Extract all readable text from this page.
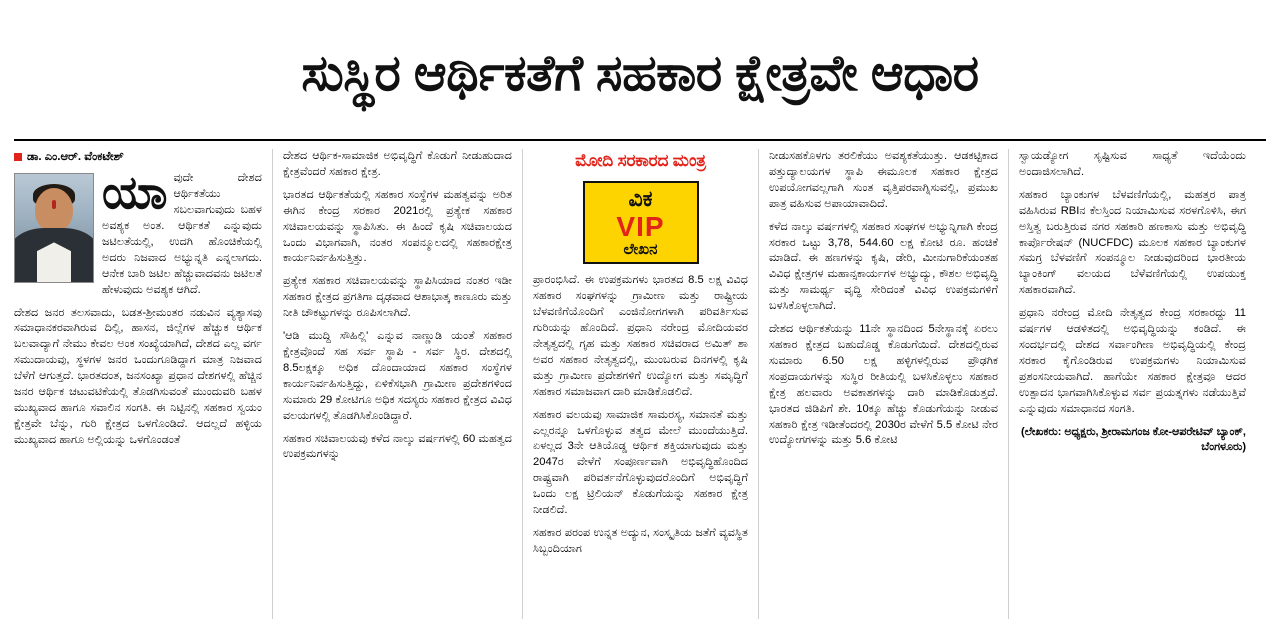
ಸುಸ್ಥಿರ ಆರ್ಥಿಕತೆಗೆ ಸಹಕಾರ ಕ್ಷೇತ್ರವೇ ಆಧಾರ
ಡಾ. ಎಂ.ಆರ್. ವೆಂಕಟೇಶ್

ಯಾವುದೇ ದೇಶದ ಆರ್ಥಿಕತೆಯು ಸಬಲವಾಗುವುದು ಬಹಳ ಅವಶ್ಯಕ ಅಂತ. ಆರ್ಥಿಕತೆ ಎನ್ನುವುದು ಜಟಿಲತೆಯಲ್ಲಿ, ಉದಗಿ ಹೊಂಚಿಕೆಯಲ್ಲಿ ಅದರು ನಿಜವಾದ ಅಭ್ಯುನ್ನತಿ ಎನ್ನಲಾಗದು. ಆನೇಕ ಬಾರಿ ಜಟಿಲ ಹೆಚ್ಚುವಾದವನು ಜಟಿಲತೆ ಹೇಳುವುದು ಅವಶ್ಯಕ ಆಗಿದೆ.

ದೇಶದ ಜನರ ತಲಸವಾದು, ಬಡತ-ಶ್ರೀಮಂತರ ನಡುವಿನ ವ್ಯತ್ಯಾಸವು ಸಮಾಧಾನಕರವಾಗಿರುವ ದಿಲ್ಲಿ, ಹಾಸನ, ಜಿಲ್ಲೆಗಳ ಹೆಚ್ಚುಕ ಆರ್ಥಿಕ ಬಲವಾದ್ಯಾಗೆ ನೇಮು ಕೇವಲ ಅಂಕ ಸಂಖ್ಯೆಯಾಗಿದೆ, ದೇಶದ ಎಲ್ಲ ವರ್ಗ ಸಮುದಾಯವು, ಸ್ಥಳಗಳ ಜನರ ಒಂದುಗೂಡಿದ್ದಾಗ ಮಾತ್ರ ನಿಜವಾದ ಬೆಳೆಗೆ ಆಗುತ್ತದೆ. ಭಾರತದಂತ, ಜನಸಂಖ್ಯಾ ಪ್ರಧಾನ ದೇಶಗಳಲ್ಲಿ ಹೆಚ್ಚಿನ ಜನರ ಆರ್ಥಿಕ ಚಟುವಟಿಕೆಯಲ್ಲಿ ತೊಡಗಿಸುವಂತೆ ಮುಂದುವರಿ ಬಹಳ ಮುಖ್ಯವಾದ ಹಾಗೂ ಸವಾಲಿನ ಸಂಗತಿ. ಈ ನಿಟ್ಟಿನಲ್ಲಿ ಸಹಕಾರ ಸ್ವಯಂ ಕ್ಷೇತ್ರವೇ ಬೆನ್ನು, ಗುರಿ ಕ್ಷೇತ್ರದ ಒಳಗೊಂಡಿದೆ. ಆದಲ್ಲದೆ ಹಳ್ಳಿಯ ಮುಖ್ಯವಾದ ಹಾಗೂ ಅಲ್ಲಿಯನ್ನು ಒಳಗೊಂಡಂತೆ

ದೇಶದ ಆರ್ಥಿಕ-ಸಾಮಾಜಿಕ ಅಭಿವೃದ್ಧಿಗೆ ಕೊಡುಗೆ ನೀಡುಹುದಾದ ಕ್ಷೇತ್ರವೆಂದರೆ ಸಹಕಾರ ಕ್ಷೇತ್ರ.

ಭಾರತದ ಆರ್ಥಿಕತೆಯಲ್ಲಿ ಸಹಕಾರ ಸಂಸ್ಥೆಗಳ ಮಹತ್ವವನ್ನು ಅರಿತ ಈಗಿನ ಕೇಂದ್ರ ಸರಕಾರ 2021ರಲ್ಲಿ ಪ್ರತ್ಯೇಕ ಸಹಕಾರ ಸಚಿವಾಲಯವನ್ನು ಸ್ಥಾಪಿಸಿತು. ಈ ಹಿಂದೆ ಕೃಷಿ ಸಚಿವಾಲಯದ ಒಂದು ವಿಭಾಗವಾಗಿ, ನಂತರ ಸಂಪನ್ಮೂಲದಲ್ಲಿ ಸಹಕಾರಕ್ಷೇತ್ರ ಕಾರ್ಯನಿರ್ವಹಿಸುತ್ತಿತ್ತು.

ಪ್ರತ್ಯೇಕ ಸಹಕಾರ ಸಚಿವಾಲಯವನ್ನು ಸ್ಥಾಪಿಸಿಯಾದ ನಂತರ ಇಡೀ ಸಹಕಾರ ಕ್ಷೇತ್ರದ ಪ್ರಗತಿಗಾ ದೃಢವಾದ ಆಶಾಭಾತ್ಕ ಕಾಣೂರು ಮತ್ತು ನೀತಿ ಚೌಕಟ್ಟುಗಳನ್ನು ರೂಪಿಸಲಾಗಿದೆ.

'ಆಡಿ ಮುದ್ದಿ ಸೌಹಿಲ್ಲಿ' ಎನ್ನುವ ನಾಣ್ಣುಡಿ ಯಂತೆ ಸಹಕಾರ ಕ್ಷೇತ್ರವೊಂದೆ ಸಹ ಸರ್ವ ಸ್ಥಾಪಿ - ಸರ್ವ ಸ್ಥಿರ. ದೇಶದಲ್ಲಿ 8.5ಲಕ್ಷಕ್ಕೂ ಅಧಿಕ ದೊಂದಾಯಾದ ಸಹಕಾರ ಸಂಸ್ಥೆಗಳ ಕಾರ್ಯನಿರ್ವಹಿಸುತ್ತಿದ್ದು, ಏಳಿಕೆಸಭಾಗಿ ಗ್ರಾಮೀಣ ಪ್ರದೇಶಗಳಿಂದ ಸುಮಾರು 29 ಕೋಟಿಗೂ ಅಧಿಕ ಸದಸ್ಯರು ಸಹಕಾರ ಕ್ಷೇತ್ರದ ವಿವಿಧ ವಲಯಗಳಲ್ಲಿ ತೊಡಗಿಸಿಕೊಂಡಿದ್ದಾರೆ.

ಸಹಕಾರ ಸಚಿವಾಲಯವು ಕಳೆದ ನಾಲ್ಕು ವರ್ಷಗಳಲ್ಲಿ 60 ಮಹತ್ವದ ಉಪಕ್ರಮಗಳನ್ನು

ಮೋದಿ ಸರಕಾರದ ಮಂತ್ರ
ವಿಕ
VIP
ಲೇಖನ

ಪ್ರಾರಂಭಿಸಿದೆ. ಈ ಉಪಕ್ರಮಗಳು ಭಾರತದ 8.5 ಲಕ್ಷ ವಿವಿಧ ಸಹಕಾರ ಸಂಘಗಳನ್ನು ಗ್ರಾಮೀಣ ಮತ್ತು ರಾಷ್ಟ್ರೀಯ ಬೆಳವಣಿಗೆಯೊಂದಿಗೆ ಎಂಜಿನೋಗಗಳಾಗಿ ಪರಿವರ್ತಿಸುವ ಗುರಿಯನ್ನು ಹೊಂದಿದೆ. ಪ್ರಧಾನಿ ನರೇಂದ್ರ ಮೋದಿಯವರ ನೇತೃತ್ವದಲ್ಲಿ ಗೃಹ ಮತ್ತು ಸಹಕಾರ ಸಚಿವರಾದ ಅಮಿತ್ ಶಾ ಅವರ ಸಹಕಾರ ನೇತೃತ್ವದಲ್ಲಿ, ಮುಂಬರುವ ದಿನಗಳಲ್ಲಿ ಕೃಷಿ ಮತ್ತು ಗ್ರಾಮೀಣ ಪ್ರದೇಶಗಳಿಗೆ ಉದ್ಯೋಗ ಮತ್ತು ಸಮೃದ್ಧಿಗೆ ಸಹಕಾರ ಸಮಾಜವಾಗ ದಾರಿ ಮಾಡಿಕೊಡಲಿದೆ.

ಸಹಕಾರ ವಲಯವು ಸಾಮಾಜಿಕ ಸಾಮರಸ್ಯ, ಸಮಾನತೆ ಮತ್ತು ಎಲ್ಲರನ್ನೂ ಒಳಗೊಳ್ಳುವ ತತ್ವದ ಮೇಲೆ ಮುಂದೆಯುತ್ತಿದೆ. ಏಳಲ್ಲದ 3ನೇ ಆತಿಯೊಡ್ಡ ಆರ್ಥಿಕ ಶಕ್ತಿಯಾಗುವುದು ಮತ್ತು 2047ರ ವೇಳೆಗೆ ಸಂಪೂರ್ಣವಾಗಿ ಅಭಿವೃದ್ಧಿಹೊಂದಿದ ರಾಷ್ಟ್ರವಾಗಿ ಪರಿವರ್ತನೆಗೊಳ್ಳುವುದರೊಂದಿಗೆ ಅಭಿವೃದ್ಧಿಗೆ ಒಂದು ಲಕ್ಷ ಟ್ರಿಲಿಯನ್ ಕೊಡುಗೆಯನ್ನು ಸಹಕಾರ ಕ್ಷೇತ್ರ ನೀಡಲಿದೆ.

ಸಹಕಾರ ಪರಂಪ ಉನ್ನತ ಅದ್ಯುನ, ಸಂಸ್ಕೃತಿಯ ಜತೆಗೆ ವ್ಯವಸ್ಥಿತ ಸಿಬ್ಬಂದಿಯಾಗ

ನೀಡುಸಹಕೊಳಗು ತರಲಿಕೆಯು ಅವಶ್ಯಕತೆಯುತ್ತು. ಆಡಕಟ್ಟಿಕಾದ ಪತ್ತುದ್ಯಾಲಯಗಳ ಸ್ಥಾಪಿ ಈಮೂಲಕ ಸಹಕಾರ ಕ್ಷೇತ್ರದ ಉಪಯೋಗವಲ್ಲಗಾಗಿ ಸುಂತ ವೃತ್ತಿಪರವಾಗ್ನಿಸುವಲ್ಲಿ, ಪ್ರಮುಖ ಪಾತ್ರ ವಹಿಸುವ ಅಪಾಯಾವಾದಿದೆ.

ಕಳೆದ ನಾಲ್ಕು ವರ್ಷಗಳಲ್ಲಿ ಸಹಕಾರ ಸಂಘಗಳ ಅಭ್ಯುನ್ನಿಗಾಗಿ ಕೇಂದ್ರ ಸರಕಾರ ಒಟ್ಟು 3,78, 544.60 ಲಕ್ಷ ಕೋಟಿ ರೂ. ಹಂಚಿಕೆ ಮಾಡಿದೆ. ಈ ಹಣಗಳನ್ನು ಕೃಷಿ, ಡೇರಿ, ಮೀನುಗಾರಿಕೆಯಂತಹ ವಿವಿಧ ಕ್ಷೇತ್ರಗಳ ಮಹಾನ್ಸಕಾರ್ಯಗಳ ಅಭ್ಯುದ್ಯು, ಕೌಶಲ ಅಭಿವೃದ್ಧಿ ಮತ್ತು ಸಾಮರ್ಥ್ಯ ವೃದ್ಧಿ ಸೇರಿದಂತೆ ವಿವಿಧ ಉಪಕ್ರಮಗಳಿಗೆ ಬಳಸಿಕೊಳ್ಳಲಾಗಿದೆ.

ದೇಶದ ಆರ್ಥಿಕತೆಯನ್ನು 11ನೇ ಸ್ಥಾನದಿಂದ 5ನೇಸ್ಥಾನಕ್ಕೆ ಏರಲು ಸಹಕಾರ ಕ್ಷೇತ್ರದ ಬಹುದೊಡ್ಡ ಕೊಡುಗೆಯಿದೆ. ದೇಶದಲ್ಲಿರುವ ಸುಮಾರು 6.50 ಲಕ್ಷ ಹಳ್ಳಿಗಳಲ್ಲಿರುವ ಪ್ರೌಢಗಿಕ ಸಂಪ್ರದಾಯಗಳನ್ನು ಸುಸ್ಥಿರ ರೀತಿಯಲ್ಲಿ ಬಳಸಿಕೊಳ್ಳಲು ಸಹಕಾರ ಕ್ಷೇತ್ರ ಹಲವಾರು ಅವಕಾಶಗಳನ್ನು ದಾರಿ ಮಾಡಿಕೊಡುತ್ತದೆ. ಭಾರತದ ಜಿಡಿಪಿಗೆ ಶೇ. 10ಕ್ಕೂ ಹೆಚ್ಚು ಕೊಡುಗೆಯನ್ನು ನೀಡುವ ಸಹಕಾರಿ ಕ್ಷೇತ್ರ ಇಡೀತೆಂದರಲ್ಲಿ 2030ರ ವೇಳೆಗೆ 5.5 ಕೋಟಿ ನೇರ ಉದ್ಯೋಗಗಳನ್ನು ಮತ್ತು 5.6 ಕೋಟಿ

ಸ್ವಾಯಡ್ಯೋಗ ಸೃಷ್ಟಿಸುವ ಸಾಧ್ಯತೆ ಇದೆಯೆಂದು ಅಂದಾಜಿಸಲಾಗಿದೆ.

ಸಹಕಾರ ಬ್ಯಾಂಕುಗಳ ಬೆಳವಣಿಗೆಯಲ್ಲಿ, ಮಹತ್ತರ ಪಾತ್ರ ವಹಿಸಿರುವ RBIನ ಕೆಲಸ್ತಿಂದ ನಿಯಾಮಿಸುವ ಸರಳಗೊಳಿಸಿ, ಈಗ ಅಸ್ತಿತ್ವ ಬರುತ್ತಿರುವ ನಗರ ಸಹಕಾರಿ ಹಣಕಾಸು ಮತ್ತು ಅಭಿವೃದ್ಧಿ ಕಾರ್ಪೊರೇಷನ್ (NUCFDC) ಮೂಲಕ ಸಹಕಾರ ಬ್ಯಾಂಕುಗಳ ಸಮಗ್ರ ಬೆಳವಣಿಗೆ ಸಂಪನ್ಮೂಲ ನೀಡುವುದರಿಂದ ಭಾರತೀಯ ಬ್ಯಾಂಕಿಂಗ್ ವಲಯದ ಬೆಳೆವಣಿಗೆಯಲ್ಲಿ ಉಪಯುಕ್ತ ಸಹಕಾರವಾಗಿದೆ.

ಪ್ರಧಾನಿ ನರೇಂದ್ರ ಮೋದಿ ನೇತೃತ್ವದ ಕೇಂದ್ರ ಸರಕಾರದ್ದು 11 ವರ್ಷಗಳ ಆಡಳಿತದಲ್ಲಿ ಅಭಿವೃದ್ಧಿಯನ್ನು ಕಂಡಿದೆ. ಈ ಸಂದರ್ಭದಲ್ಲಿ ದೇಶದ ಸರ್ವಾಂಗೀಣ ಅಭಿವೃದ್ಧಿಯಲ್ಲಿ ಕೇಂದ್ರ ಸರಕಾರ ಕೈಗೊಂಡಿರುವ ಉಪಕ್ರಮಗಳು ನಿಯಾಮಿಸುವ ಪ್ರಶಂಸನೀಯವಾಗಿದೆ. ಹಾಗೆಯೇ ಸಹಕಾರ ಕ್ಷೇತ್ರವೂ ಆದರ ಉತ್ಪಾದನ ಭಾಗವಾಗಿಸಿಕೊಳ್ಳುವ ಸರ್ವ ಪ್ರಯತ್ನಗಳು ನಡೆಯುತ್ತಿವೆ ಎನ್ನುವುದು ಸಮಾಧಾನದ ಸಂಗತಿ.

(ಲೇಖಕರು: ಅಧ್ಯಕ್ಷರು, ಶ್ರೀರಾಮಗಂಜ ಕೋ-ಆಪರೇಟಿವ್ ಬ್ಯಾಂಕ್, ಬೆಂಗಳೂರು)
